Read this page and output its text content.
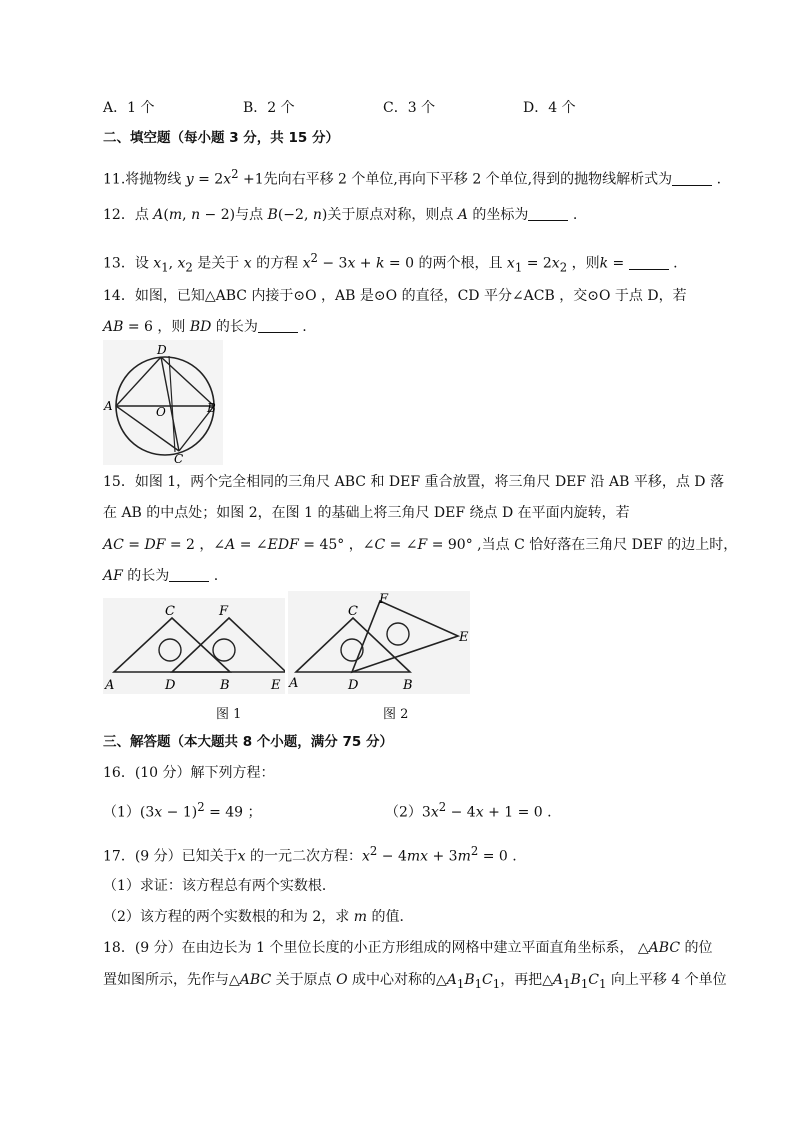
A．1 个	B．2 个	C．3 个	D．4 个
二、填空题（每小题 3 分，共 15 分）
11.将抛物线 $y = 2x^2 +1$先向右平移 2 个单位,再向下平移 2 个单位,得到的抛物线解析式为	.
12．点 A(m, n − 2)与点 B(−2, n)关于原点对称，则点 A 的坐标为	.
13．设 $x_1$, $x_2$ 是关于 x 的方程 $x^2 - 3x + k = 0$ 的两个根，且 $x_1 = 2x_2$ ，则k =	.
14．如图，已知△ABC 内接于⊙O ，AB 是⊙O 的直径，CD 平分∠ACB ，交⊙O 于点 D，若
AB = 6 ，则 BD 的长为	.
D
A	O	B
C
15．如图 1，两个完全相同的三角尺 ABC 和 DEF 重合放置，将三角尺 DEF 沿 AB 平移，点 D 落
在 AB 的中点处；如图 2，在图 1 的基础上将三角尺 DEF 绕点 D 在平面内旋转，若
AC = DF = 2 ，∠A = ∠EDF = 45° ，∠C = ∠F = 90° ,当点 C 恰好落在三角尺 DEF 的边上时，
AF 的长为	.
C	F
A	D	B	E
图 1
C
F
E
A	D	B
图 2
三、解答题（本大题共 8 个小题，满分 75 分）
16．(10 分）解下列方程：
$(1)(3x - 1)^2 = 49$ ；	$(2)3x^2 - 4x + 1 = 0$ .
17．(9 分）已知关于x 的一元二次方程：$x^2 - 4mx + 3m^2 = 0$ .
（1）求证：该方程总有两个实数根．
（2）该方程的两个实数根的和为 2，求 m 的值．
18．(9 分）在由边长为 1 个里位长度的小正方形组成的网格中建立平面直角坐标系， △ABC 的位
置如图所示，先作与△ABC 关于原点 O 成中心对称的$\triangle A_1B_1C_1$，再把$\triangle A_1B_1C_1$ 向上平移 4 个单位
